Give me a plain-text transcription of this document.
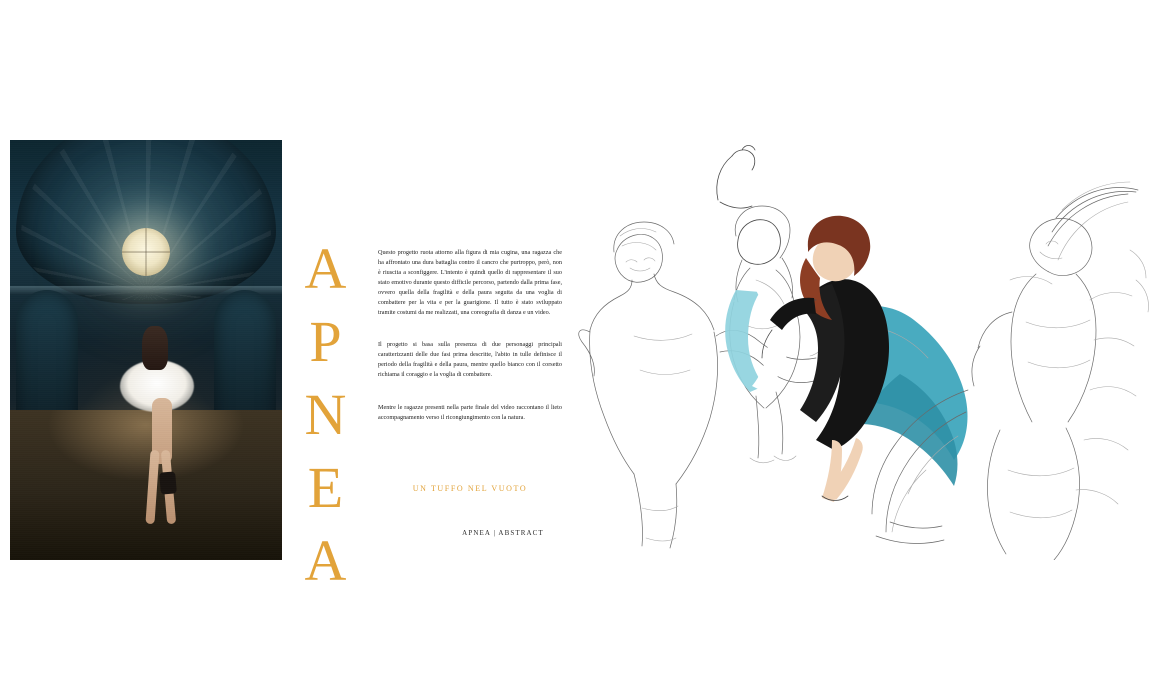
APNEA	Questo progetto ruota attorno alla figura di mia cugina, una ragazza che ha affrontato una dura battaglia contro il cancro che purtroppo, però, non è riuscita a sconfiggere. L'intento è quindi quello di rappresentare il suo stato emotivo durante questo difficile percorso, partendo dalla prima fase, ovvero quella della fragilità e della paura seguita da una voglia di combattere per la vita e per la guarigione. Il tutto è stato sviluppato tramite costumi da me realizzati, una coreografia di danza e un video.

Il progetto si basa sulla presenza di due personaggi principali caratterizzanti delle due fasi prima descritte, l'abito in tulle definisce il periodo della fragilità e della paura, mentre quello bianco con il corsetto richiama il coraggio e la voglia di combattere.

Mentre le ragazze presenti nella parte finale del video raccontano il lieto accompagnamento verso il ricongiungimento con la natura.

UN TUFFO NEL VUOTO
APNEA | ABSTRACT
